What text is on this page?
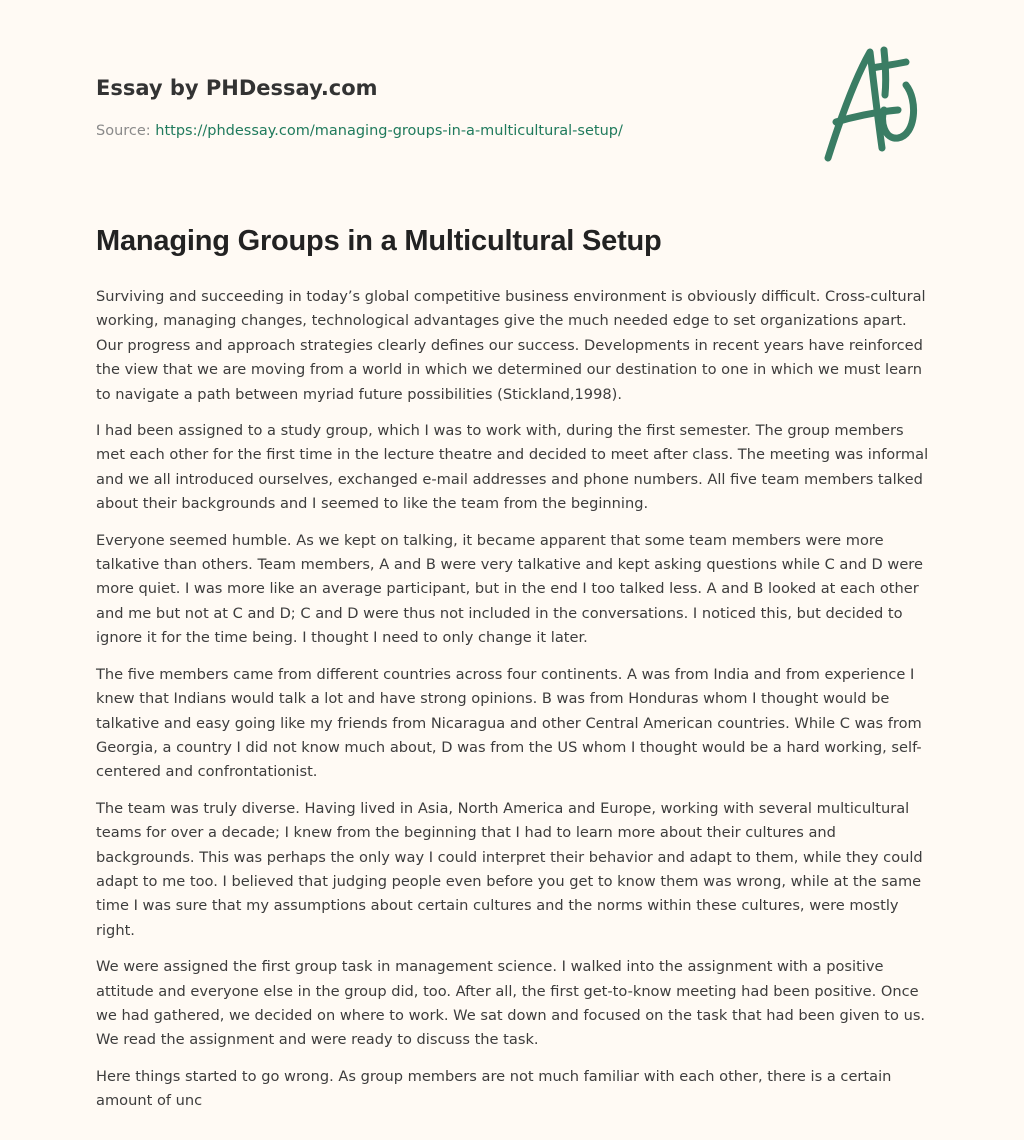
Essay by PHDessay.com
Source: https://phdessay.com/managing-groups-in-a-multicultural-setup/
Managing Groups in a Multicultural Setup

Surviving and succeeding in today’s global competitive business environment is obviously difficult. Cross-cultural working, managing changes, technological advantages give the much needed edge to set organizations apart. Our progress and approach strategies clearly defines our success. Developments in recent years have reinforced the view that we are moving from a world in which we determined our destination to one in which we must learn to navigate a path between myriad future possibilities (Stickland,1998).

I had been assigned to a study group, which I was to work with, during the first semester. The group members met each other for the first time in the lecture theatre and decided to meet after class. The meeting was informal and we all introduced ourselves, exchanged e-mail addresses and phone numbers. All five team members talked about their backgrounds and I seemed to like the team from the beginning.

Everyone seemed humble. As we kept on talking, it became apparent that some team members were more talkative than others. Team members, A and B were very talkative and kept asking questions while C and D were more quiet. I was more like an average participant, but in the end I too talked less. A and B looked at each other and me but not at C and D; C and D were thus not included in the conversations. I noticed this, but decided to ignore it for the time being. I thought I need to only change it later.

The five members came from different countries across four continents. A was from India and from experience I knew that Indians would talk a lot and have strong opinions. B was from Honduras whom I thought would be talkative and easy going like my friends from Nicaragua and other Central American countries. While C was from Georgia, a country I did not know much about, D was from the US whom I thought would be a hard working, self-centered and confrontationist.

The team was truly diverse. Having lived in Asia, North America and Europe, working with several multicultural teams for over a decade; I knew from the beginning that I had to learn more about their cultures and backgrounds. This was perhaps the only way I could interpret their behavior and adapt to them, while they could adapt to me too. I believed that judging people even before you get to know them was wrong, while at the same time I was sure that my assumptions about certain cultures and the norms within these cultures, were mostly right.

We were assigned the first group task in management science. I walked into the assignment with a positive attitude and everyone else in the group did, too. After all, the first get-to-know meeting had been positive. Once we had gathered, we decided on where to work. We sat down and focused on the task that had been given to us. We read the assignment and were ready to discuss the task.

Here things started to go wrong. As group members are not much familiar with each other, there is a certain amount of unc
